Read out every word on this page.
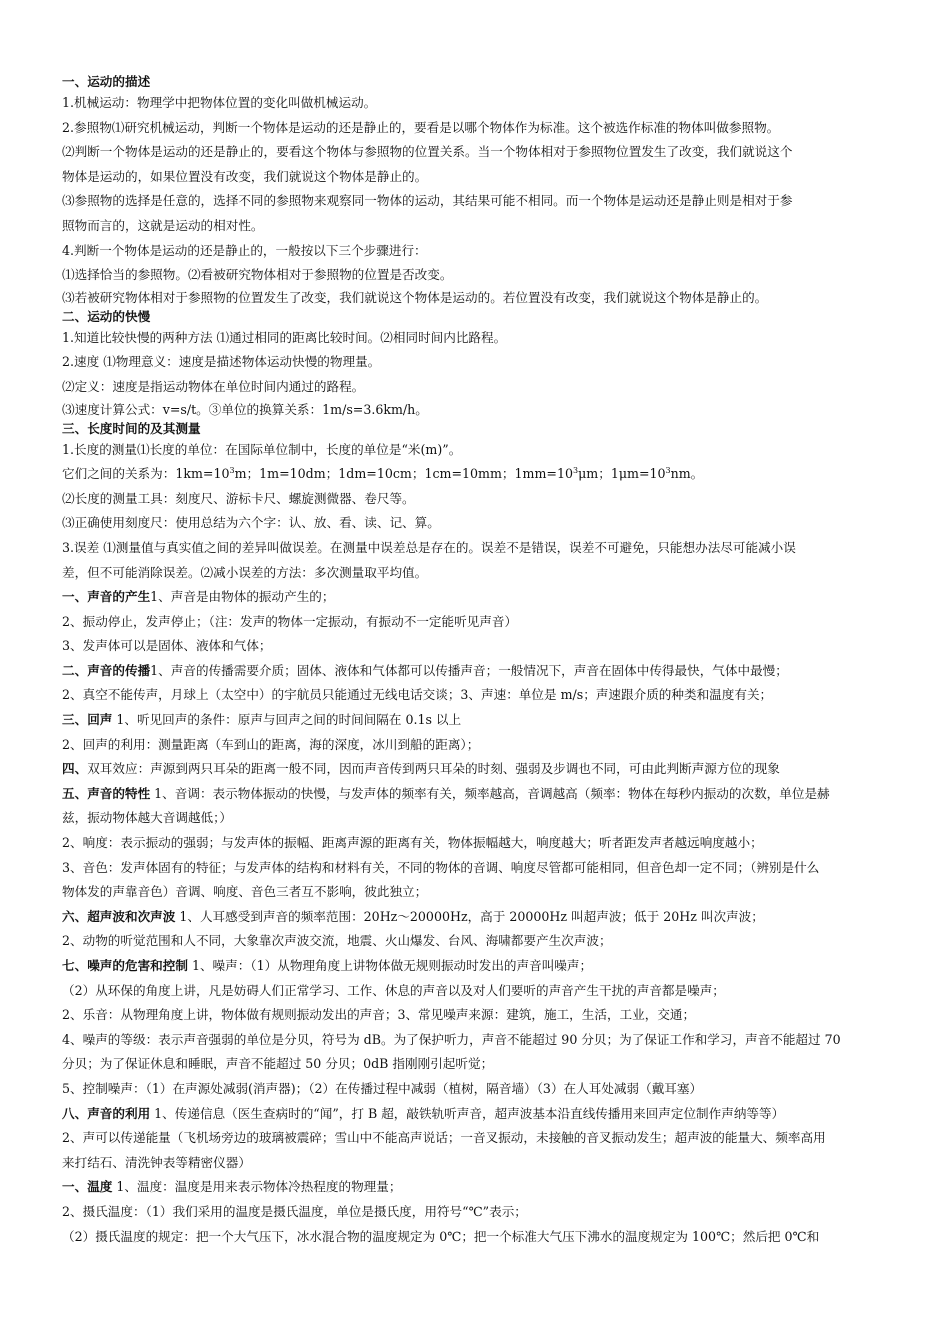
一、运动的描述
1.机械运动：物理学中把物体位置的变化叫做机械运动。
2.参照物⑴研究机械运动，判断一个物体是运动的还是静止的，要看是以哪个物体作为标准。这个被选作标准的物体叫做参照物。
⑵判断一个物体是运动的还是静止的，要看这个物体与参照物的位置关系。当一个物体相对于参照物位置发生了改变，我们就说这个
物体是运动的，如果位置没有改变，我们就说这个物体是静止的。
⑶参照物的选择是任意的，选择不同的参照物来观察同一物体的运动，其结果可能不相同。而一个物体是运动还是静止则是相对于参
照物而言的，这就是运动的相对性。
4.判断一个物体是运动的还是静止的，一般按以下三个步骤进行：
⑴选择恰当的参照物。⑵看被研究物体相对于参照物的位置是否改变。
⑶若被研究物体相对于参照物的位置发生了改变，我们就说这个物体是运动的。若位置没有改变，我们就说这个物体是静止的。
二、运动的快慢
1.知道比较快慢的两种方法 ⑴通过相同的距离比较时间。⑵相同时间内比路程。
2.速度 ⑴物理意义：速度是描述物体运动快慢的物理量。
⑵定义：速度是指运动物体在单位时间内通过的路程。
⑶速度计算公式：v=s/t。③单位的换算关系：1m/s=3.6km/h。
三、长度时间的及其测量
1.长度的测量⑴长度的单位：在国际单位制中，长度的单位是“米(m)”。
它们之间的关系为：$1km=10^3m$；1m=10dm；1dm=10cm；1cm=10mm；$1mm=10^3\mu m$；$1\mu m=10^3nm$。
⑵长度的测量工具：刻度尺、游标卡尺、螺旋测微器、卷尺等。
⑶正确使用刻度尺：使用总结为六个字：认、放、看、读、记、算。
3.误差 ⑴测量值与真实值之间的差异叫做误差。在测量中误差总是存在的。误差不是错误，误差不可避免，只能想办法尽可能减小误
差，但不可能消除误差。⑵减小误差的方法：多次测量取平均值。
一、声音的产生1、声音是由物体的振动产生的；
2、振动停止，发声停止；（注：发声的物体一定振动，有振动不一定能听见声音）
3、发声体可以是固体、液体和气体；
二、声音的传播1、声音的传播需要介质；固体、液体和气体都可以传播声音；一般情况下，声音在固体中传得最快，气体中最慢；
2、真空不能传声，月球上（太空中）的宇航员只能通过无线电话交谈；3、声速：单位是 m/s；声速跟介质的种类和温度有关；
三、回声 1、听见回声的条件：原声与回声之间的时间间隔在 0.1s 以上
2、回声的利用：测量距离（车到山的距离，海的深度，冰川到船的距离）；
四、双耳效应：声源到两只耳朵的距离一般不同，因而声音传到两只耳朵的时刻、强弱及步调也不同，可由此判断声源方位的现象
五、声音的特性 1、音调：表示物体振动的快慢，与发声体的频率有关，频率越高，音调越高（频率：物体在每秒内振动的次数，单位是赫
兹，振动物体越大音调越低；）
2、响度：表示振动的强弱；与发声体的振幅、距离声源的距离有关，物体振幅越大，响度越大；听者距发声者越远响度越小；
3、音色：发声体固有的特征；与发声体的结构和材料有关，不同的物体的音调、响度尽管都可能相同，但音色却一定不同；（辨别是什么
物体发的声靠音色）音调、响度、音色三者互不影响，彼此独立；
六、超声波和次声波 1、人耳感受到声音的频率范围：20Hz～20000Hz，高于 20000Hz 叫超声波；低于 20Hz 叫次声波；
2、动物的听觉范围和人不同，大象靠次声波交流，地震、火山爆发、台风、海啸都要产生次声波；
七、噪声的危害和控制 1、噪声：（1）从物理角度上讲物体做无规则振动时发出的声音叫噪声；
（2）从环保的角度上讲，凡是妨碍人们正常学习、工作、休息的声音以及对人们要听的声音产生干扰的声音都是噪声；
2、乐音：从物理角度上讲，物体做有规则振动发出的声音；3、常见噪声来源：建筑，施工，生活，工业，交通；
4、噪声的等级：表示声音强弱的单位是分贝，符号为 dB。为了保护听力，声音不能超过 90 分贝；为了保证工作和学习，声音不能超过 70
分贝；为了保证休息和睡眠，声音不能超过 50 分贝；0dB 指刚刚引起听觉；
5、控制噪声：（1）在声源处减弱(消声器)；（2）在传播过程中减弱（植树，隔音墙）（3）在人耳处减弱（戴耳塞）
八、声音的利用 1、传递信息（医生查病时的“闻”，打 B 超，敲铁轨听声音，超声波基本沿直线传播用来回声定位制作声纳等等）
2、声可以传递能量（飞机场旁边的玻璃被震碎；雪山中不能高声说话；一音叉振动，未接触的音叉振动发生；超声波的能量大、频率高用
来打结石、清洗钟表等精密仪器）
一、温度 1、温度：温度是用来表示物体冷热程度的物理量；
2、摄氏温度：（1）我们采用的温度是摄氏温度，单位是摄氏度，用符号“℃”表示；
（2）摄氏温度的规定：把一个大气压下，冰水混合物的温度规定为 0℃；把一个标准大气压下沸水的温度规定为 100℃；然后把 0℃和
